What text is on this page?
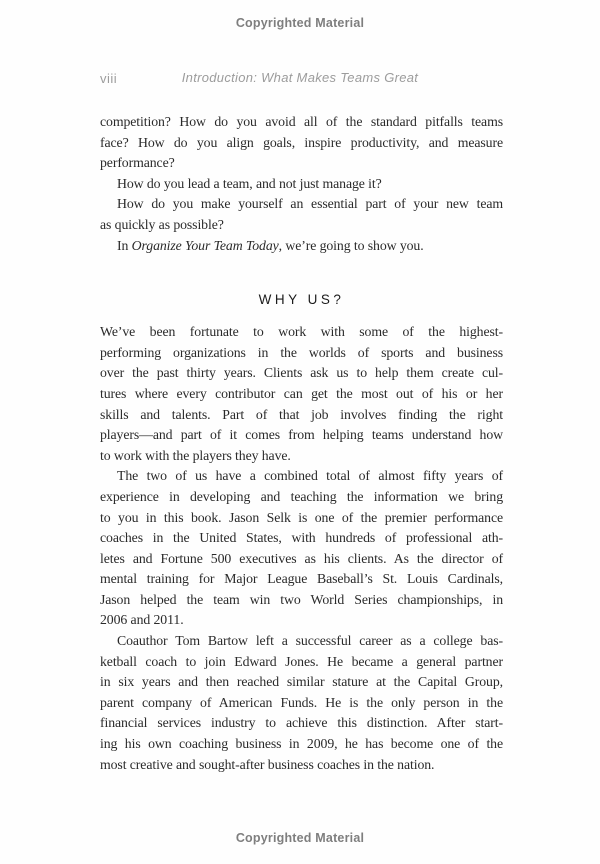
Copyrighted Material
viii	Introduction: What Makes Teams Great
competition? How do you avoid all of the standard pitfalls teams
face? How do you align goals, inspire productivity, and measure
performance?
How do you lead a team, and not just manage it?
How do you make yourself an essential part of your new team
as quickly as possible?
In Organize Your Team Today, we’re going to show you.
WHY US?
We’ve been fortunate to work with some of the highest-
performing organizations in the worlds of sports and business
over the past thirty years. Clients ask us to help them create cul-
tures where every contributor can get the most out of his or her
skills and talents. Part of that job involves finding the right
players—and part of it comes from helping teams understand how
to work with the players they have.
The two of us have a combined total of almost fifty years of
experience in developing and teaching the information we bring
to you in this book. Jason Selk is one of the premier performance
coaches in the United States, with hundreds of professional ath-
letes and Fortune 500 executives as his clients. As the director of
mental training for Major League Baseball’s St. Louis Cardinals,
Jason helped the team win two World Series championships, in
2006 and 2011.
Coauthor Tom Bartow left a successful career as a college bas-
ketball coach to join Edward Jones. He became a general partner
in six years and then reached similar stature at the Capital Group,
parent company of American Funds. He is the only person in the
financial services industry to achieve this distinction. After start-
ing his own coaching business in 2009, he has become one of the
most creative and sought-after business coaches in the nation.
Copyrighted Material
